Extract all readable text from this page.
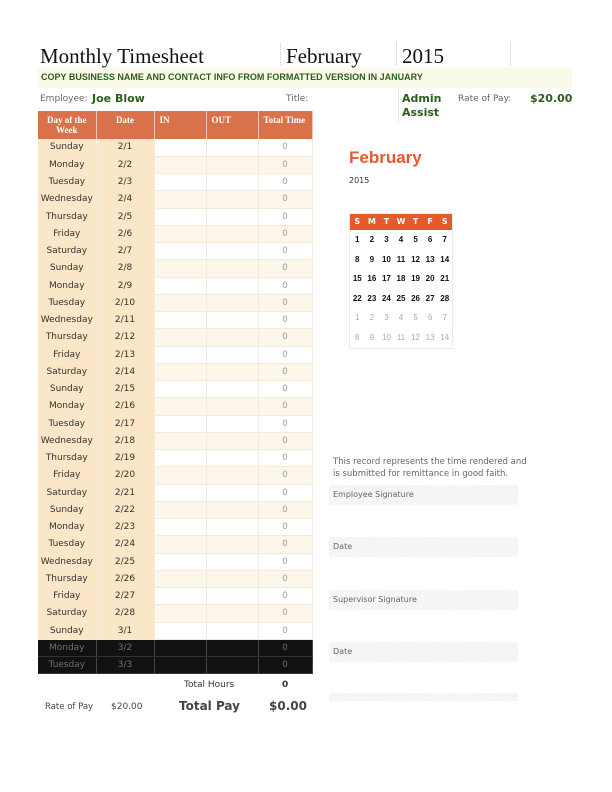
Monthly Timesheet	February 2015
COPY BUSINESS NAME AND CONTACT INFO FROM FORMATTED VERSION IN JANUARY
Employee: Joe Blow	Title:	Admin Assist
Rate of Pay: $20.00
Day of the Week	Date	IN	OUT	Total Time
Sunday	2/1			0
Monday	2/2			0
Tuesday	2/3			0
Wednesday	2/4			0
Thursday	2/5			0
Friday	2/6			0
Saturday	2/7			0
Sunday	2/8			0
Monday	2/9			0
Tuesday	2/10			0
Wednesday	2/11			0
Thursday	2/12			0
Friday	2/13			0
Saturday	2/14			0
Sunday	2/15			0
Monday	2/16			0
Tuesday	2/17			0
Wednesday	2/18			0
Thursday	2/19			0
Friday	2/20			0
Saturday	2/21			0
Sunday	2/22			0
Monday	2/23			0
Tuesday	2/24			0
Wednesday	2/25			0
Thursday	2/26			0
Friday	2/27			0
Saturday	2/28			0
Sunday	3/1			0
Monday	3/2			0
Tuesday	3/3			0
Total Hours	0
Rate of Pay $20.00	Total Pay $0.00
February
2015
S M T W T	F	S
1	2	3	4	5	6	7
8	9 10 11 12 13 14
15 16 17 18 19 20 21
22 23 24 25 26 27 28
1	2	3	4	5	6	7
8	9 10 11 12 13 14
This record represents the time rendered and is submitted for remittance in good faith.
Employee Signature
Date
Supervisor Signature
Date
